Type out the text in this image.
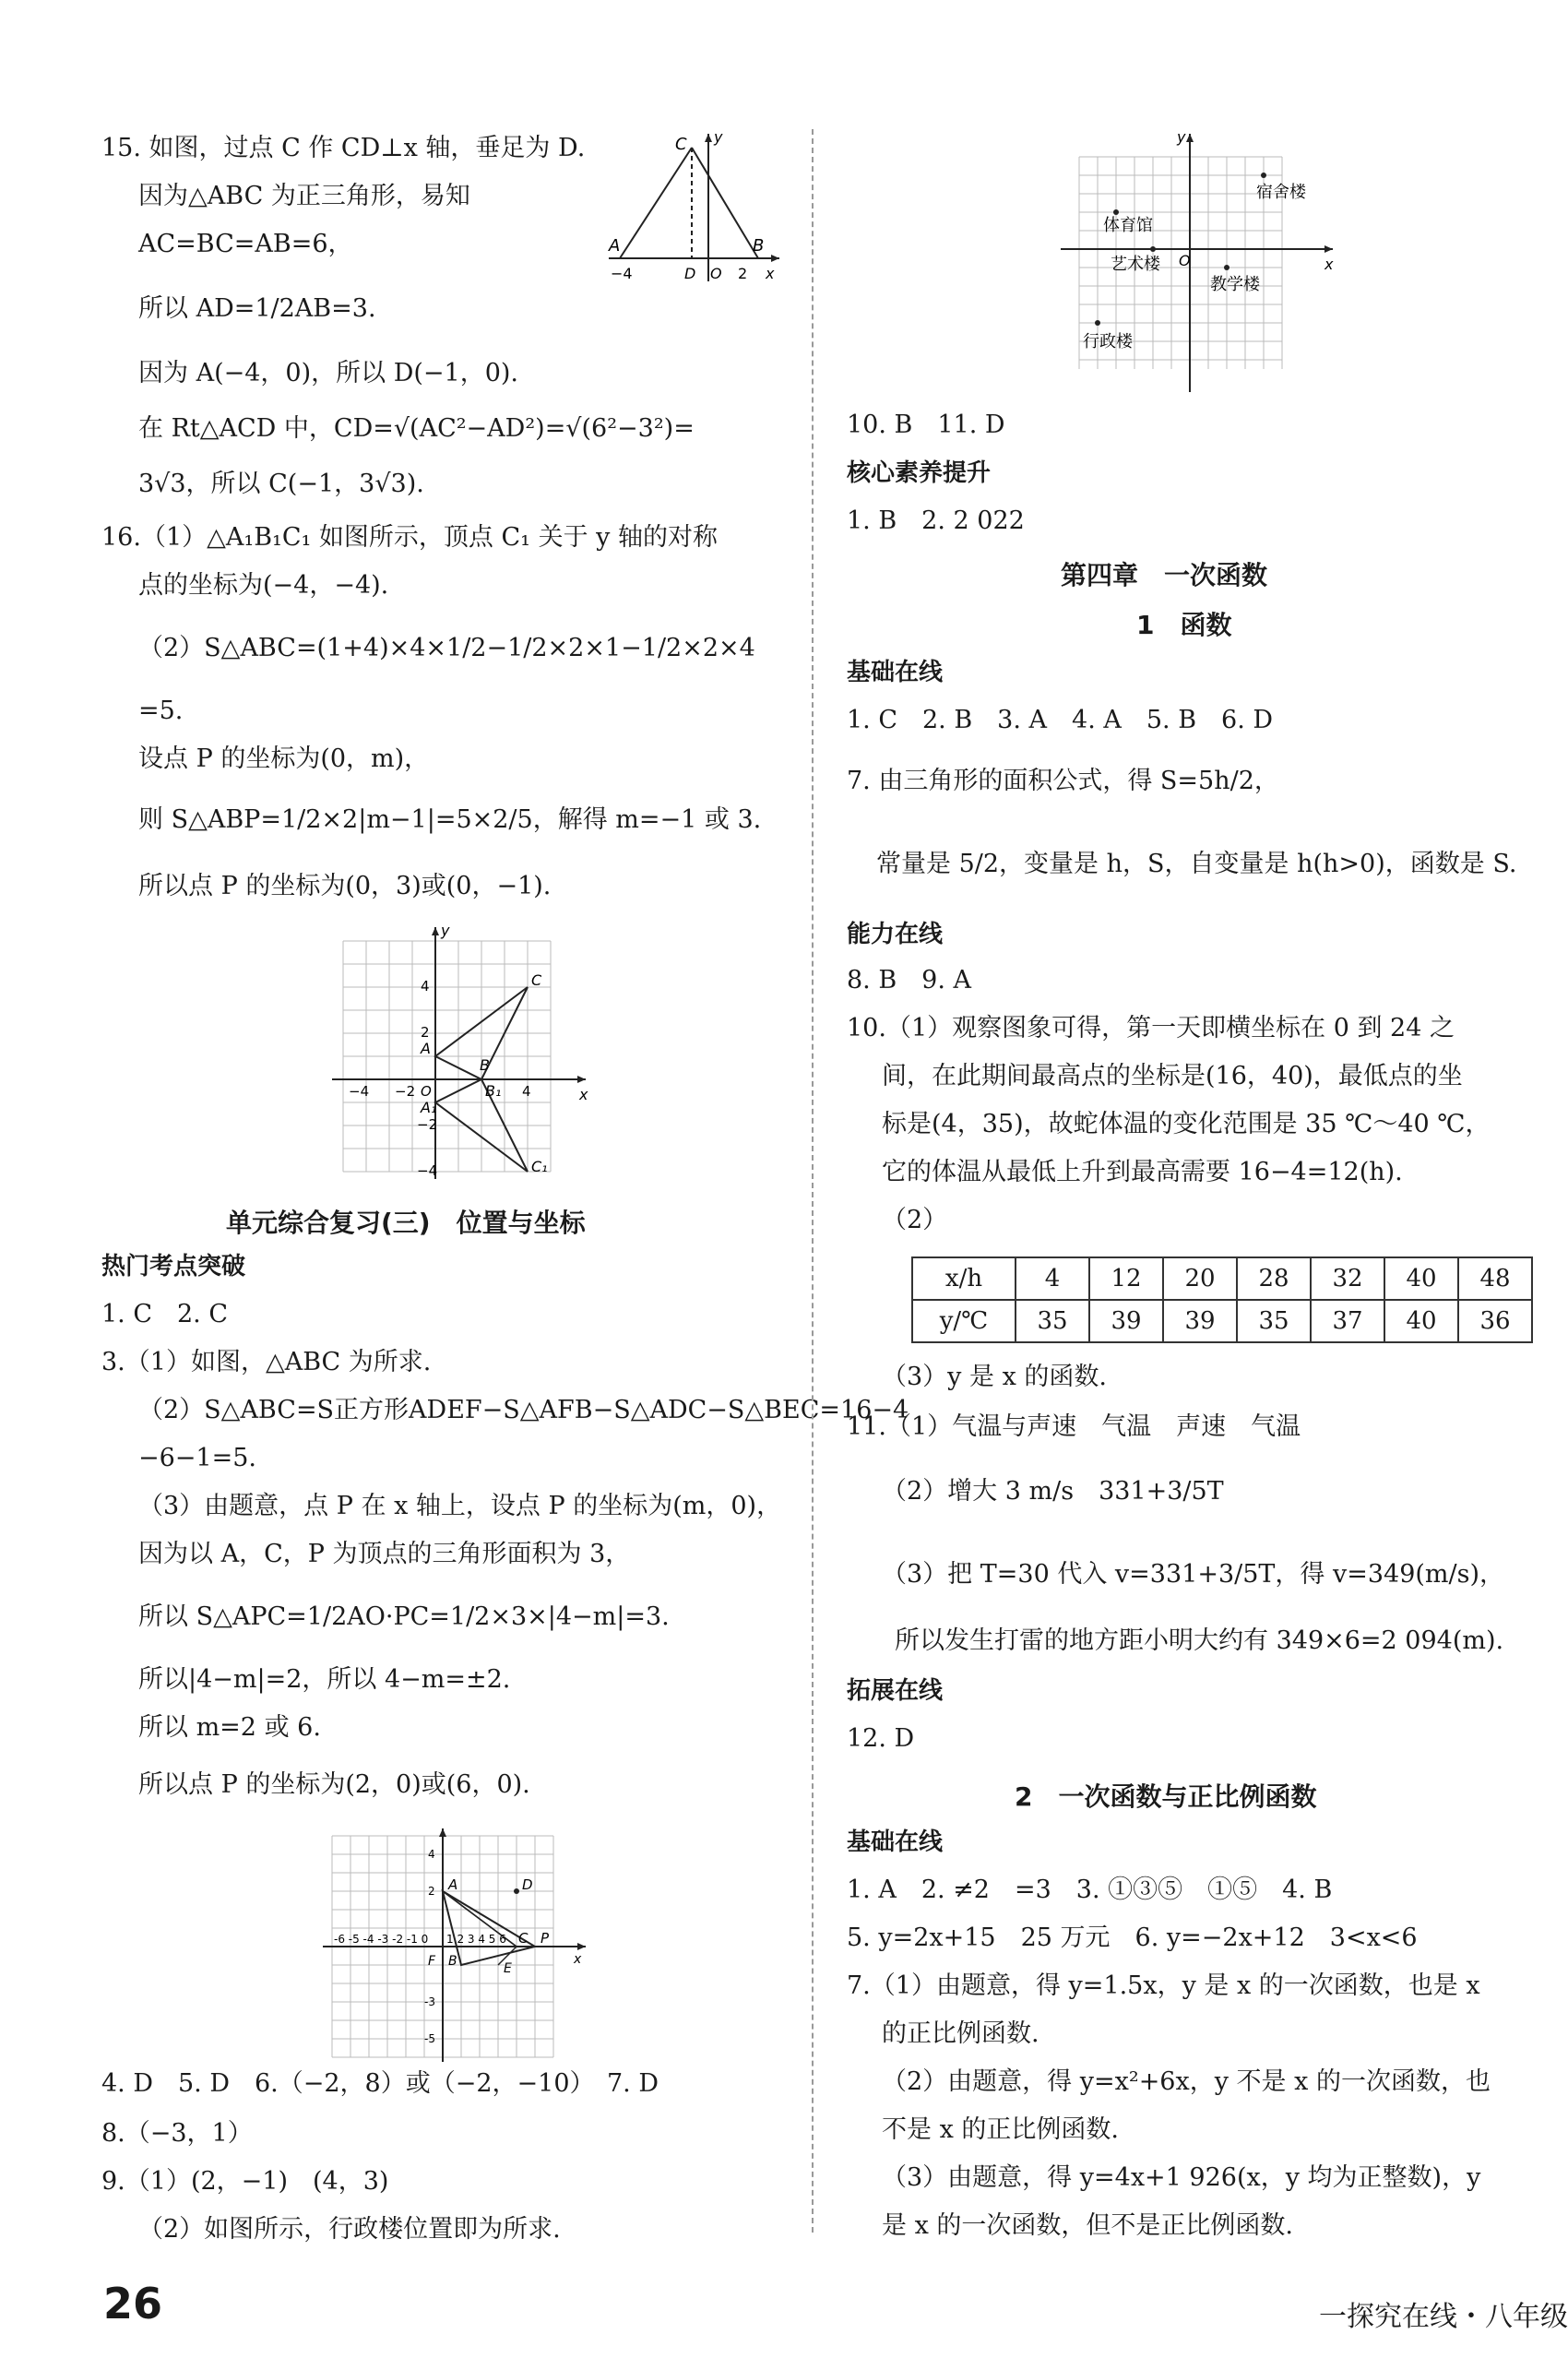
15. 如图，过点 C 作 CD⊥x 轴，垂足为 D.
因为△ABC 为正三角形，易知
AC=BC=AB=6，
所以 AD=1/2AB=3.
因为 A(−4，0)，所以 D(−1，0).
在 Rt△ACD 中，CD=√(AC²−AD²)=√(6²−3²)=
3√3，所以 C(−1，3√3).
C y
A	B
−4	D O 2 x
16.（1）△A₁B₁C₁ 如图所示，顶点 C₁ 关于 y 轴的对称
点的坐标为(−4，−4).
（2）S△ABC=(1+4)×4×1/2−1/2×2×1−1/2×2×4
=5.
设点 P 的坐标为(0，m)，
则 S△ABP=1/2×2|m−1|=5×2/5，解得 m=−1 或 3.
所以点 P 的坐标为(0，3)或(0，−1).
y
x
C
C₁
A
A₁
B
B₁
4
2
−2
−4
−4 −2 O	4
单元综合复习(三)　位置与坐标
热门考点突破
1. C　2. C
3.（1）如图，△ABC 为所求.
（2）S△ABC=S正方形ADEF−S△AFB−S△ADC−S△BEC=16−4
−6−1=5.
（3）由题意，点 P 在 x 轴上，设点 P 的坐标为(m，0)，
因为以 A，C，P 为顶点的三角形面积为 3，
所以 S△APC=1/2AO·PC=1/2×3×|4−m|=3.
所以|4−m|=2，所以 4−m=±2.
所以 m=2 或 6.
所以点 P 的坐标为(2，0)或(6，0).
D
A
C P
F B	E
-6 -5 -4 -3 -2 -1 0 1 2 3 4 5 6
x
4
2
-3
-5
4. D　5. D　6.（−2，8）或（−2，−10）　7. D
8.（−3，1）
9.（1）(2，−1)　(4，3)
（2）如图所示，行政楼位置即为所求.
y
x
O
体育馆
宿舍楼
艺术楼
教学楼
行政楼
10. B　11. D
核心素养提升
1. B　2. 2 022
第四章　一次函数
1　函数
基础在线
1. C　2. B　3. A　4. A　5. B　6. D
7. 由三角形的面积公式，得 S=5h/2，
常量是 5/2，变量是 h，S，自变量是 h(h>0)，函数是 S.
能力在线
8. B　9. A
10.（1）观察图象可得，第一天即横坐标在 0 到 24 之
间，在此期间最高点的坐标是(16，40)，最低点的坐
标是(4，35)，故蛇体温的变化范围是 35 ℃～40 ℃，
它的体温从最低上升到最高需要 16−4=12(h).
（2）
x/h	4	12	20	28	32	40	48
y/℃	35	39	39	35	37	40	36
（3）y 是 x 的函数.
11.（1）气温与声速　气温　声速　气温
（2）增大 3 m/s　331+3/5T
（3）把 T=30 代入 v=331+3/5T，得 v=349(m/s)，
所以发生打雷的地方距小明大约有 349×6=2 094(m).
拓展在线
12. D
2　一次函数与正比例函数
基础在线
1. A　2. ≠2　=3　3. ①③⑤　①⑤　4. B
5. y=2x+15　25 万元　6. y=−2x+12　3<x<6
7.（1）由题意，得 y=1.5x，y 是 x 的一次函数，也是 x
的正比例函数.
（2）由题意，得 y=x²+6x，y 不是 x 的一次函数，也
不是 x 的正比例函数.
（3）由题意，得 y=4x+1 926(x，y 均为正整数)，y
是 x 的一次函数，但不是正比例函数.
26	一探究在线・八年级
